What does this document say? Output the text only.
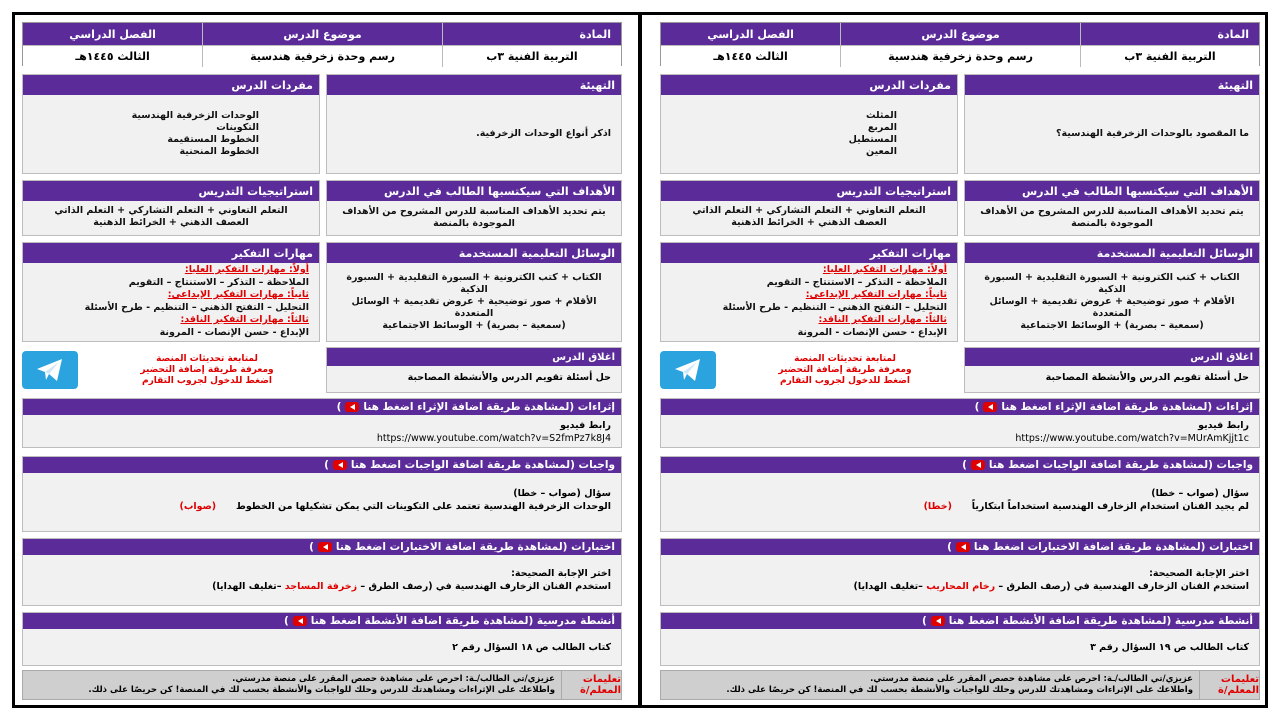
المادة
موضوع الدرس
الفصل الدراسي
التربية الفنية ٣ب
رسم وحدة زخرفية هندسية
الثالث ١٤٤٥هـ
التهيئة
ما المقصود بالوحدات الزخرفية الهندسية؟
مفردات الدرس
المثلث
المربع
المستطيل
المعين
الأهداف التي سيكتسبها الطالب في الدرس
يتم تحديد الأهداف المناسبة للدرس المشروح من الأهداف الموجودة بالمنصة
استراتيجيات التدريس
التعلم التعاوني + التعلم التشاركي + التعلم الذاتي
العصف الذهني + الخرائط الذهنية
الوسائل التعليمية المستخدمة
الكتاب + كتب الكترونية + السبورة التقليدية + السبورة الذكية
الأقلام + صور توضيحية + عروض تقديمية + الوسائل المتعددة
(سمعية – بصرية) + الوسائط الاجتماعية
مهارات التفكير
أولاً: مهارات التفكير العليا:
الملاحظة – التذكر – الاستنتاج – التقويم
ثانياً: مهارات التفكير الإبداعي:
التحليل – التفتح الذهني – التنظيم - طرح الأسئلة
ثالثاً: مهارات التفكير الناقد:
الإبداع - حسن الإنصات - المرونة
اغلاق الدرس
حل أسئلة تقويم الدرس والأنشطة المصاحبة
لمتابعة تحديثات المنصة
ومعرفة طريقة إضافة التحضير
اضغط للدخول لجروب التقارم
إثراءات (لمشاهدة طريقة اضافة الإثراء اضغط هنا
)
رابط فيديو
https://www.youtube.com/watch?v=MUrAmKjjt1c
واجبات (لمشاهدة طريقة اضافة الواجبات اضغط هنا
)
سؤال (صواب – خطا)
لم يجيد الفنان استخدام الزخارف الهندسية استخداماً ابتكارياً      (خطا)
اختبارات (لمشاهدة طريقة اضافة الاختبارات اضغط هنا
)
اختر الإجابة الصحيحة:
استخدم الفنان الزخارف الهندسية في (رصف الطرق – رخام المحاريب –تغليف الهدايا)
أنشطة مدرسية (لمشاهدة طريقة اضافة الأنشطة اضغط هنا
)
كتاب الطالب ص ١٩ السؤال رقم ٣
تعليمات المعلم/ة
عزيزي/تي الطالب/ـة: احرص على مشاهدة حصص المقرر على منصة مدرستي.
واطلاعك على الإثراءات ومشاهدتك للدرس وحلك للواجبات والأنشطة بحسب لك في المنصة! كن حريصًا على ذلك.
المادة
موضوع الدرس
الفصل الدراسي
التربية الفنية ٣ب
رسم وحدة زخرفية هندسية
الثالث ١٤٤٥هـ
التهيئة
اذكر أنواع الوحدات الزخرفية.
مفردات الدرس
الوحدات الزخرفية الهندسية
التكوينات
الخطوط المستقيمة
الخطوط المنحنية
الأهداف التي سيكتسبها الطالب في الدرس
يتم تحديد الأهداف المناسبة للدرس المشروح من الأهداف الموجودة بالمنصة
استراتيجيات التدريس
التعلم التعاوني + التعلم التشاركي + التعلم الذاتي
العصف الذهني + الخرائط الذهنية
الوسائل التعليمية المستخدمة
الكتاب + كتب الكترونية + السبورة التقليدية + السبورة الذكية
الأقلام + صور توضيحية + عروض تقديمية + الوسائل المتعددة
(سمعية – بصرية) + الوسائط الاجتماعية
مهارات التفكير
أولاً: مهارات التفكير العليا:
الملاحظة – التذكر – الاستنتاج – التقويم
ثانياً: مهارات التفكير الإبداعي:
التحليل – التفتح الذهني – التنظيم - طرح الأسئلة
ثالثاً: مهارات التفكير الناقد:
الإبداع - حسن الإنصات - المرونة
اغلاق الدرس
حل أسئلة تقويم الدرس والأنشطة المصاحبة
لمتابعة تحديثات المنصة
ومعرفة طريقة إضافة التحضير
اضغط للدخول لجروب التقارم
إثراءات (لمشاهدة طريقة اضافة الإثراء اضغط هنا
)
رابط فيديو
https://www.youtube.com/watch?v=S2fmPz7k8J4
واجبات (لمشاهدة طريقة اضافة الواجبات اضغط هنا
)
سؤال (صواب – خطا)
الوحدات الزخرفية الهندسية تعتمد على التكوينات التي يمكن تشكيلها من الخطوط      (صواب)
اختبارات (لمشاهدة طريقة اضافة الاختبارات اضغط هنا
)
اختر الإجابة الصحيحة:
استخدم الفنان الزخارف الهندسية في (رصف الطرق – زخرفة المساجد –تغليف الهدايا)
أنشطة مدرسية (لمشاهدة طريقة اضافة الأنشطة اضغط هنا
)
كتاب الطالب ص ١٨ السؤال رقم ٢
تعليمات المعلم/ة
عزيزي/تي الطالب/ـة: احرص على مشاهدة حصص المقرر على منصة مدرستي.
واطلاعك على الإثراءات ومشاهدتك للدرس وحلك للواجبات والأنشطة بحسب لك في المنصة! كن حريصًا على ذلك.
